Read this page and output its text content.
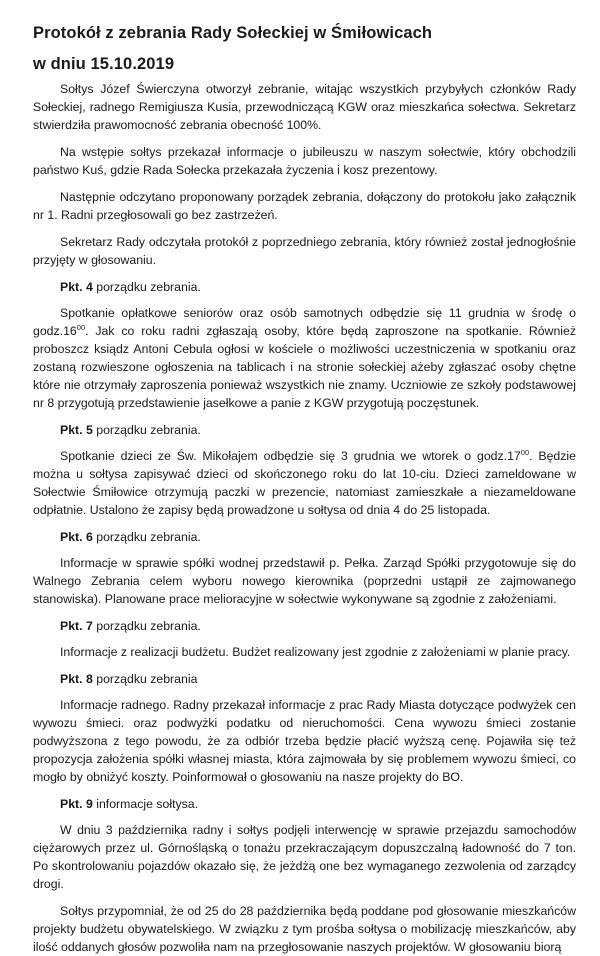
Protokół z zebrania Rady Sołeckiej w Śmiłowicach
w dniu 15.10.2019

Sołtys Józef Świerczyna otworzył zebranie, witając wszystkich przybyłych członków Rady Sołeckiej, radnego Remigiusza Kusia, przewodniczącą KGW oraz mieszkańca sołectwa. Sekretarz stwierdziła prawomocność zebrania obecność 100%.

Na wstępie sołtys przekazał informacje o jubileuszu w naszym sołectwie, który obchodzili państwo Kuś, gdzie Rada Sołecka przekazała życzenia i kosz prezentowy.

Następnie odczytano proponowany porządek zebrania, dołączony do protokołu jako załącznik nr 1. Radni przegłosowali go bez zastrzeżeń.

Sekretarz Rady odczytała protokół z poprzedniego zebrania, który również został jednogłośnie przyjęty w głosowaniu.

Pkt. 4 porządku zebrania.

Spotkanie opłatkowe seniorów oraz osób samotnych odbędzie się 11 grudnia w środę o $godz.16^{00}$. Jak co roku radni zgłaszają osoby, które będą zaproszone na spotkanie. Również proboszcz ksiądz Antoni Cebula ogłosi w kościele o możliwości uczestniczenia w spotkaniu oraz zostaną rozwieszone ogłoszenia na tablicach i na stronie sołeckiej ażeby zgłaszać osoby chętne które nie otrzymały zaproszenia ponieważ wszystkich nie znamy. Uczniowie ze szkoły podstawowej nr 8 przygotują przedstawienie jasełkowe a panie z KGW przygotują poczęstunek.

Pkt. 5 porządku zebrania.

Spotkanie dzieci ze Św. Mikołajem odbędzie się 3 grudnia we wtorek o $godz.17^{00}$. Będzie można u sołtysa zapisywać dzieci od skończonego roku do lat 10-ciu. Dzieci zameldowane w Sołectwie Śmiłowice otrzymują paczki w prezencie, natomiast zamieszkałe a niezameldowane odpłatnie. Ustalono że zapisy będą prowadzone u sołtysa od dnia 4 do 25 listopada.

Pkt. 6 porządku zebrania.

Informacje w sprawie spółki wodnej przedstawił p. Pełka. Zarząd Spółki przygotowuje się do Walnego Zebrania celem wyboru nowego kierownika (poprzedni ustąpił ze zajmowanego stanowiska). Planowane prace melioracyjne w sołectwie wykonywane są zgodnie z założeniami.

Pkt. 7 porządku zebrania.

Informacje z realizacji budżetu. Budżet realizowany jest zgodnie z założeniami w planie pracy.

Pkt. 8 porządku zebrania

Informacje radnego. Radny przekazał informacje z prac Rady Miasta dotyczące podwyżek cen wywozu śmieci. oraz podwyżki podatku od nieruchomości. Cena wywozu śmieci zostanie podwyższona z tego powodu, że za odbiór trzeba będzie płacić wyższą cenę. Pojawiła się też propozycja założenia spółki własnej miasta, która zajmowała by się problemem wywozu śmieci, co mogło by obniżyć koszty. Poinformował o głosowaniu na nasze projekty do BO.

Pkt. 9 informacje sołtysa.

W dniu 3 października radny i sołtys podjęli interwencję w sprawie przejazdu samochodów ciężarowych przez ul. Górnośląską o tonażu przekraczającym dopuszczalną ładowność do 7 ton. Po skontrolowaniu pojazdów okazało się, że jeżdżą one bez wymaganego zezwolenia od zarządcy drogi.

Sołtys przypomniał, że od 25 do 28 października będą poddane pod głosowanie mieszkańców projekty budżetu obywatelskiego. W związku z tym prośba sołtysa o mobilizację mieszkańców, aby ilość oddanych głosów pozwoliła nam na przegłosowanie naszych projektów. W głosowaniu biorą
